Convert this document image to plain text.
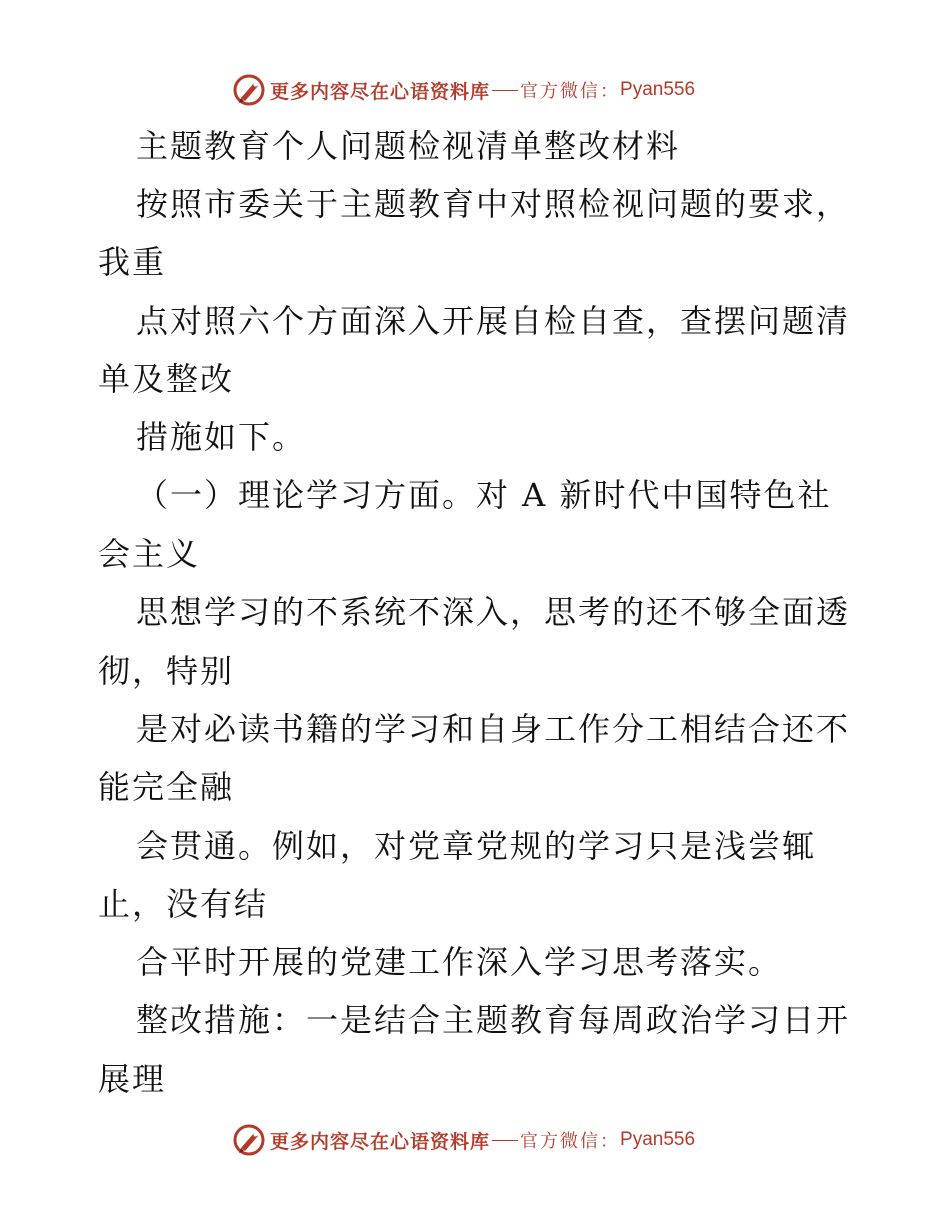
更多内容尽在心语资料库 官方微信： Pyan556
主题教育个人问题检视清单整改材料
按照市委关于主题教育中对照检视问题的要求，
我重
点对照六个方面深入开展自检自查，查摆问题清
单及整改
措施如下。
（一）理论学习方面。对 A 新时代中国特色社
会主义
思想学习的不系统不深入，思考的还不够全面透
彻，特别
是对必读书籍的学习和自身工作分工相结合还不
能完全融
会贯通。例如，对党章党规的学习只是浅尝辄
止，没有结
合平时开展的党建工作深入学习思考落实。
整改措施：一是结合主题教育每周政治学习日开
展理
更多内容尽在心语资料库 官方微信： Pyan556
